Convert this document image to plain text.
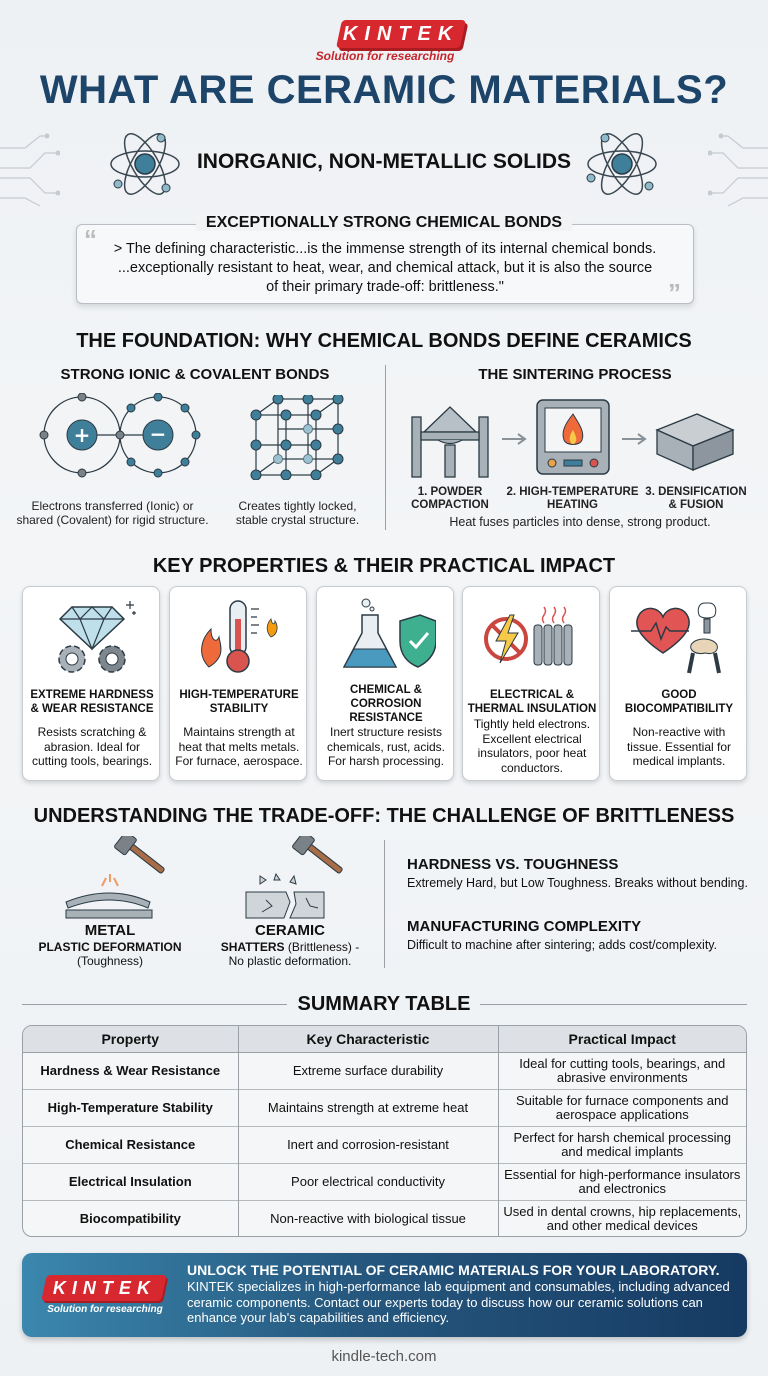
KINTEK
Solution for researching
WHAT ARE CERAMIC MATERIALS?
INORGANIC, NON-METALLIC SOLIDS
EXCEPTIONALLY STRONG CHEMICAL BONDS
“
”
> The defining characteristic...is the immense strength of its internal chemical bonds.
...exceptionally resistant to heat, wear, and chemical attack, but it is also the source
of their primary trade-off: brittleness."
THE FOUNDATION: WHY CHEMICAL BONDS DEFINE CERAMICS
STRONG IONIC & COVALENT BONDS	THE SINTERING PROCESS
+	−
Electrons transferred (Ionic) or
shared (Covalent) for rigid structure.
Creates tightly locked,
stable crystal structure.
1. POWDER
COMPACTION
2. HIGH-TEMPERATURE
HEATING
3. DENSIFICATION
& FUSION
Heat fuses particles into dense, strong product.
KEY PROPERTIES & THEIR PRACTICAL IMPACT
EXTREME HARDNESS
& WEAR RESISTANCE
Resists scratching &
abrasion. Ideal for
cutting tools, bearings.
HIGH-TEMPERATURE
STABILITY
Maintains strength at
heat that melts metals.
For furnace, aerospace.
CHEMICAL &
CORROSION
RESISTANCE
Inert structure resists
chemicals, rust, acids.
For harsh processing.
ELECTRICAL &
THERMAL INSULATION
Tightly held electrons.
Excellent electrical
insulators, poor heat
conductors.
GOOD
BIOCOMPATIBILITY
Non-reactive with
tissue. Essential for
medical implants.
UNDERSTANDING THE TRADE-OFF: THE CHALLENGE OF BRITTLENESS
METAL
PLASTIC DEFORMATION
(Toughness)
CERAMIC
SHATTERS (Brittleness) -
No plastic deformation.
HARDNESS VS. TOUGHNESS
Extremely Hard, but Low Toughness. Breaks without bending.
MANUFACTURING COMPLEXITY
Difficult to machine after sintering; adds cost/complexity.
SUMMARY TABLE
Property	Key Characteristic	Practical Impact
Hardness & Wear Resistance	Extreme surface durability	Ideal for cutting tools, bearings, and
abrasive environments

High-Temperature Stability	Maintains strength at extreme heat	Suitable for furnace components and
aerospace applications

Chemical Resistance	Inert and corrosion-resistant	Perfect for harsh chemical processing
and medical implants

Electrical Insulation	Poor electrical conductivity	Essential for high-performance insulators
and electronics

Biocompatibility	Non-reactive with biological tissue	Used in dental crowns, hip replacements,
and other medical devices
KINTEK
Solution for researching
UNLOCK THE POTENTIAL OF CERAMIC MATERIALS FOR YOUR LABORATORY.
KINTEK specializes in high-performance lab equipment and consumables, including advanced ceramic components. Contact our experts today to discuss how our ceramic solutions can enhance your lab's capabilities and efficiency.
kindle-tech.com
